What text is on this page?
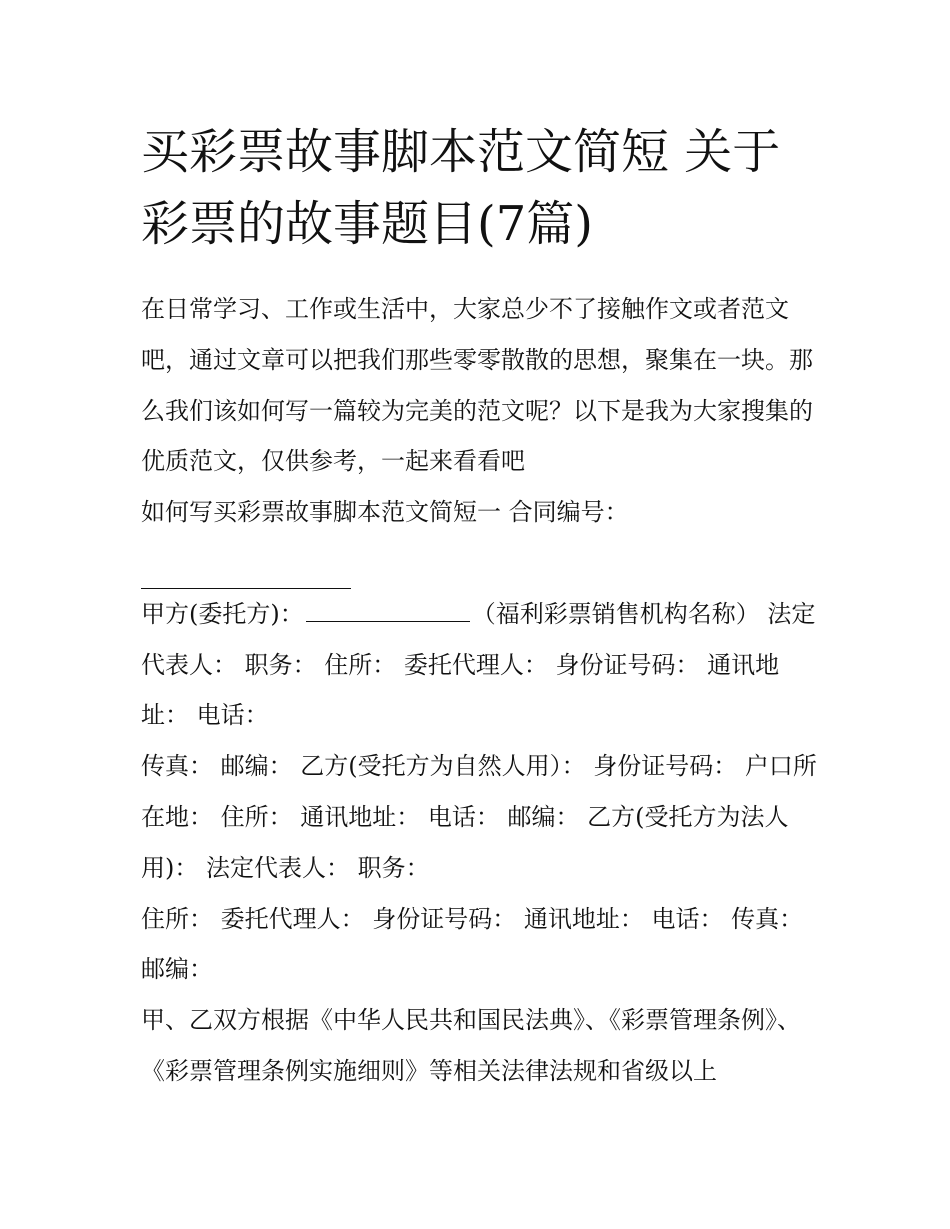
买彩票故事脚本范文简短 关于彩票的故事题目(7篇)

在日常学习、工作或生活中，大家总少不了接触作文或者范文吧，通过文章可以把我们那些零零散散的思想，聚集在一块。那么我们该如何写一篇较为完美的范文呢？以下是我为大家搜集的优质范文，仅供参考，一起来看看吧

如何写买彩票故事脚本范文简短一 合同编号：

甲方(委托方)：	（福利彩票销售机构名称） 法定代表人： 职务： 住所： 委托代理人： 身份证号码： 通讯地址： 电话：

传真： 邮编： 乙方(受托方为自然人用）： 身份证号码： 户口所在地： 住所： 通讯地址： 电话： 邮编： 乙方(受托方为法人用)： 法定代表人： 职务：

住所： 委托代理人： 身份证号码： 通讯地址： 电话： 传真： 邮编：

甲、乙双方根据《中华人民共和国民法典》、《彩票管理条例》、《彩票管理条例实施细则》等相关法律法规和省级以上
